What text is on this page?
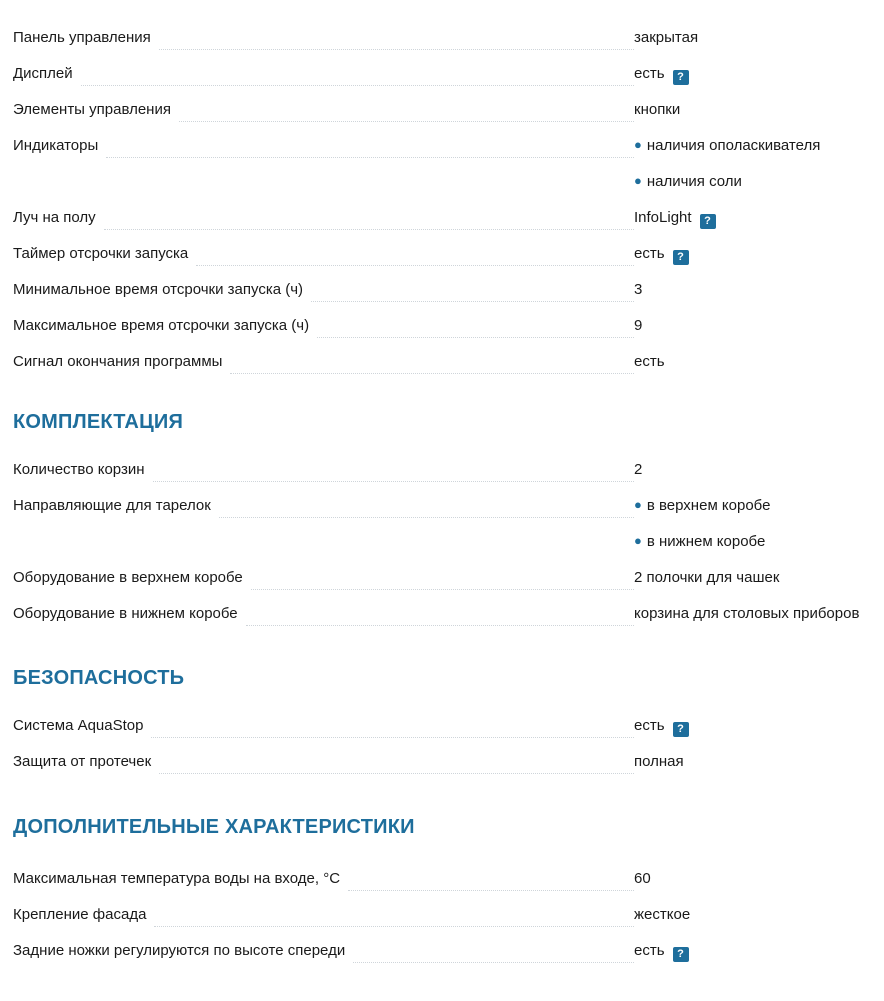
Панель управления	закрытая
Дисплей	есть	?
Элементы управления	кнопки
Индикаторы	● наличия ополаскивателя
● наличия соли
Луч на полу	InfoLight	?
Таймер отсрочки запуска	есть	?
Минимальное время отсрочки запуска (ч)	3
Максимальное время отсрочки запуска (ч)	9
Сигнал окончания программы	есть
КОМПЛЕКТАЦИЯ
Количество корзин	2
Направляющие для тарелок	● в верхнем коробе
● в нижнем коробе
Оборудование в верхнем коробе	2 полочки для чашек
Оборудование в нижнем коробе	корзина для столовых приборов
БЕЗОПАСНОСТЬ
Система AquaStop	есть	?
Защита от протечек	полная
ДОПОЛНИТЕЛЬНЫЕ ХАРАКТЕРИСТИКИ
Максимальная температура воды на входе, °C	60
Крепление фасада	жесткое
Задние ножки регулируются по высоте спереди	есть	?
